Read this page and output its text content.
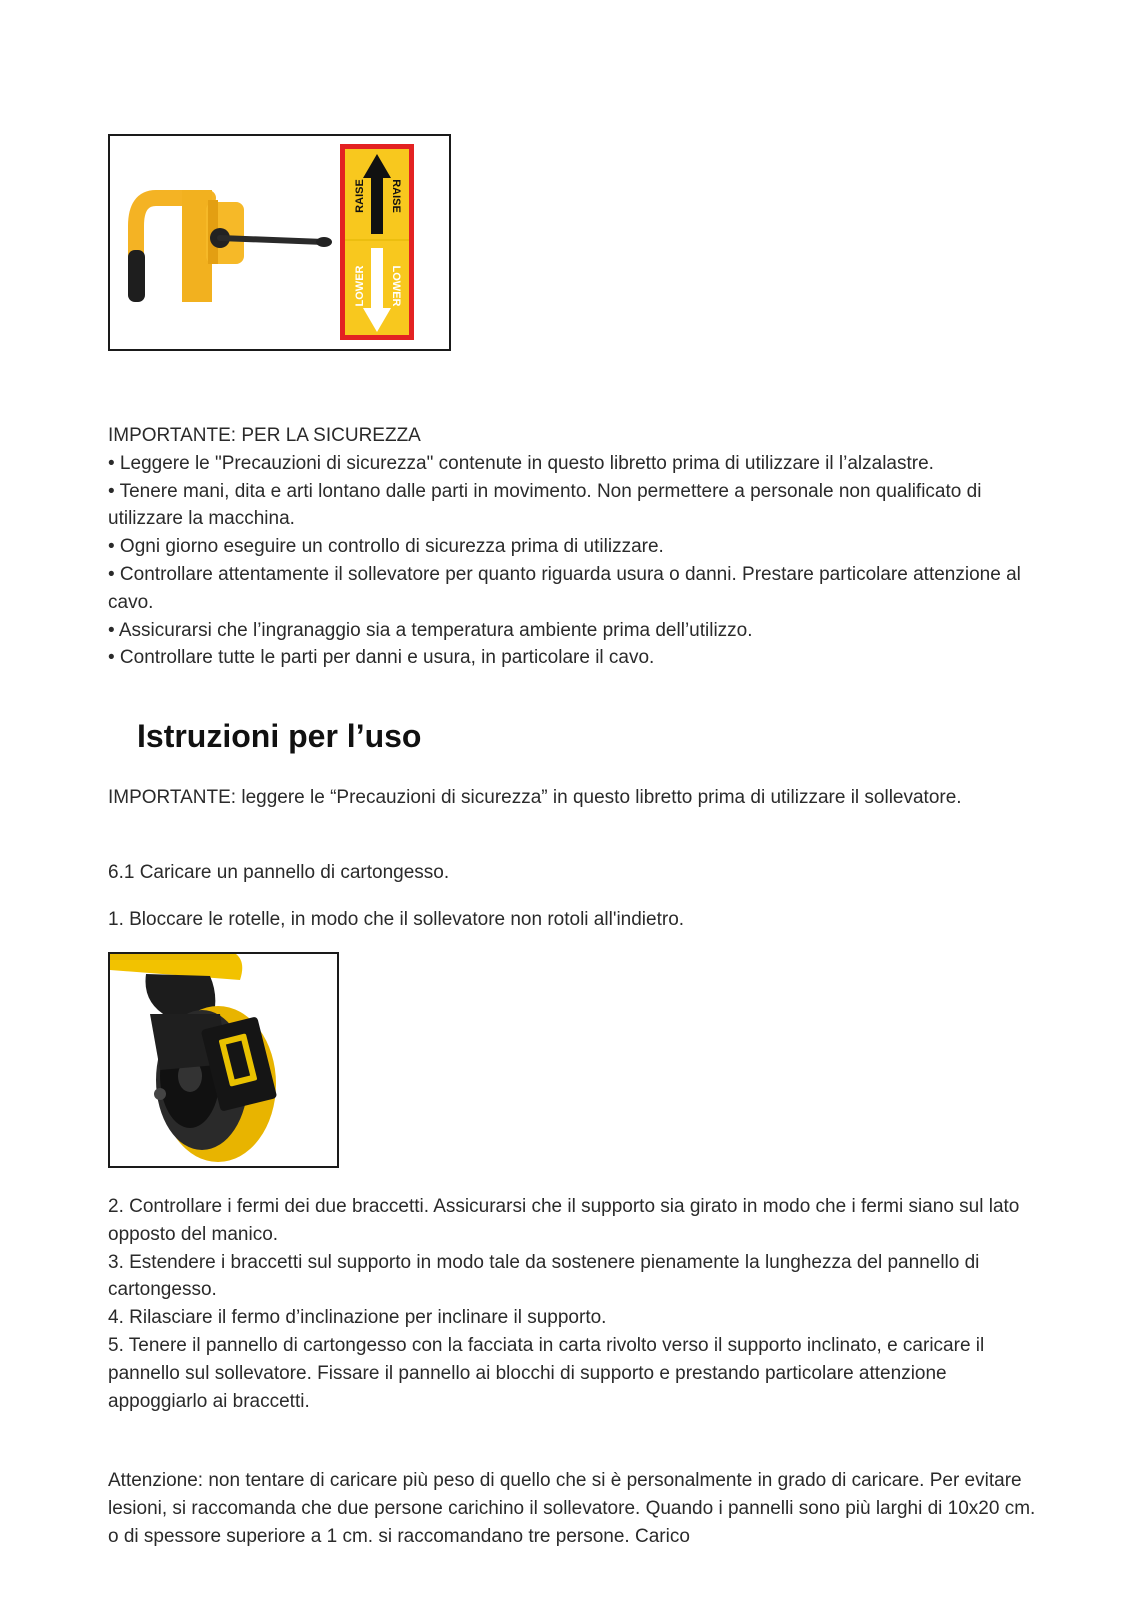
RAISE RAISE
LOWER LOWER

IMPORTANTE: PER LA SICUREZZA

• Leggere le "Precauzioni di sicurezza" contenute in questo libretto prima di utilizzare il l’alzalastre.

• Tenere mani, dita e arti lontano dalle parti in movimento. Non permettere a personale non qualificato di utilizzare la macchina.

• Ogni giorno eseguire un controllo di sicurezza prima di utilizzare.

• Controllare attentamente il sollevatore per quanto riguarda usura o danni. Prestare particolare attenzione al cavo.

• Assicurarsi che l’ingranaggio sia a temperatura ambiente prima dell’utilizzo.

• Controllare tutte le parti per danni e usura, in particolare il cavo.

Istruzioni per l’uso

IMPORTANTE: leggere le “Precauzioni di sicurezza” in questo libretto prima di utilizzare il sollevatore.

6.1 Caricare un pannello di cartongesso.

1. Bloccare le rotelle, in modo che il sollevatore non rotoli all'indietro.

2. Controllare i fermi dei due braccetti. Assicurarsi che il supporto sia girato in modo che i fermi siano sul lato opposto del manico.

3. Estendere i braccetti sul supporto in modo tale da sostenere pienamente la lunghezza del pannello di cartongesso.

4. Rilasciare il fermo d’inclinazione per inclinare il supporto.

5. Tenere il pannello di cartongesso con la facciata in carta rivolto verso il supporto inclinato, e caricare il pannello sul sollevatore. Fissare il pannello ai blocchi di supporto e prestando particolare attenzione appoggiarlo ai braccetti.

Attenzione: non tentare di caricare più peso di quello che si è personalmente in grado di caricare. Per evitare lesioni, si raccomanda che due persone carichino il sollevatore. Quando i pannelli sono più larghi di 10x20 cm. o di spessore superiore a 1 cm. si raccomandano tre persone. Carico
